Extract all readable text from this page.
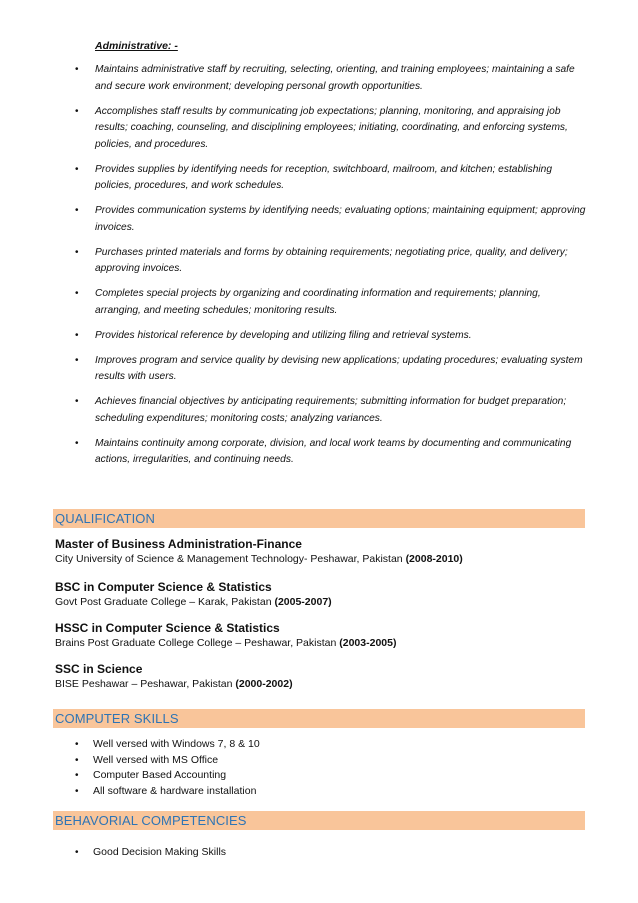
Administrative: -
• Maintains administrative staff by recruiting, selecting, orienting, and training employees; maintaining a safe and secure work environment; developing personal growth opportunities.
• Accomplishes staff results by communicating job expectations; planning, monitoring, and appraising job results; coaching, counseling, and disciplining employees; initiating, coordinating, and enforcing systems, policies, and procedures.
• Provides supplies by identifying needs for reception, switchboard, mailroom, and kitchen; establishing policies, procedures, and work schedules.
• Provides communication systems by identifying needs; evaluating options; maintaining equipment; approving invoices.
• Purchases printed materials and forms by obtaining requirements; negotiating price, quality, and delivery; approving invoices.
• Completes special projects by organizing and coordinating information and requirements; planning, arranging, and meeting schedules; monitoring results.
• Provides historical reference by developing and utilizing filing and retrieval systems.
• Improves program and service quality by devising new applications; updating procedures; evaluating system results with users.
• Achieves financial objectives by anticipating requirements; submitting information for budget preparation; scheduling expenditures; monitoring costs; analyzing variances.
• Maintains continuity among corporate, division, and local work teams by documenting and communicating actions, irregularities, and continuing needs.
QUALIFICATION
Master of Business Administration-Finance
City University of Science & Management Technology- Peshawar, Pakistan (2008-2010)
BSC in Computer Science & Statistics
Govt Post Graduate College – Karak, Pakistan (2005-2007)
HSSC in Computer Science & Statistics
Brains Post Graduate College College – Peshawar, Pakistan (2003-2005)
SSC in Science
BISE Peshawar – Peshawar, Pakistan (2000-2002)
COMPUTER SKILLS
• Well versed with Windows 7, 8 & 10
• Well versed with MS Office
• Computer Based Accounting
• All software & hardware installation
BEHAVORIAL COMPETENCIES
• Good Decision Making Skills
